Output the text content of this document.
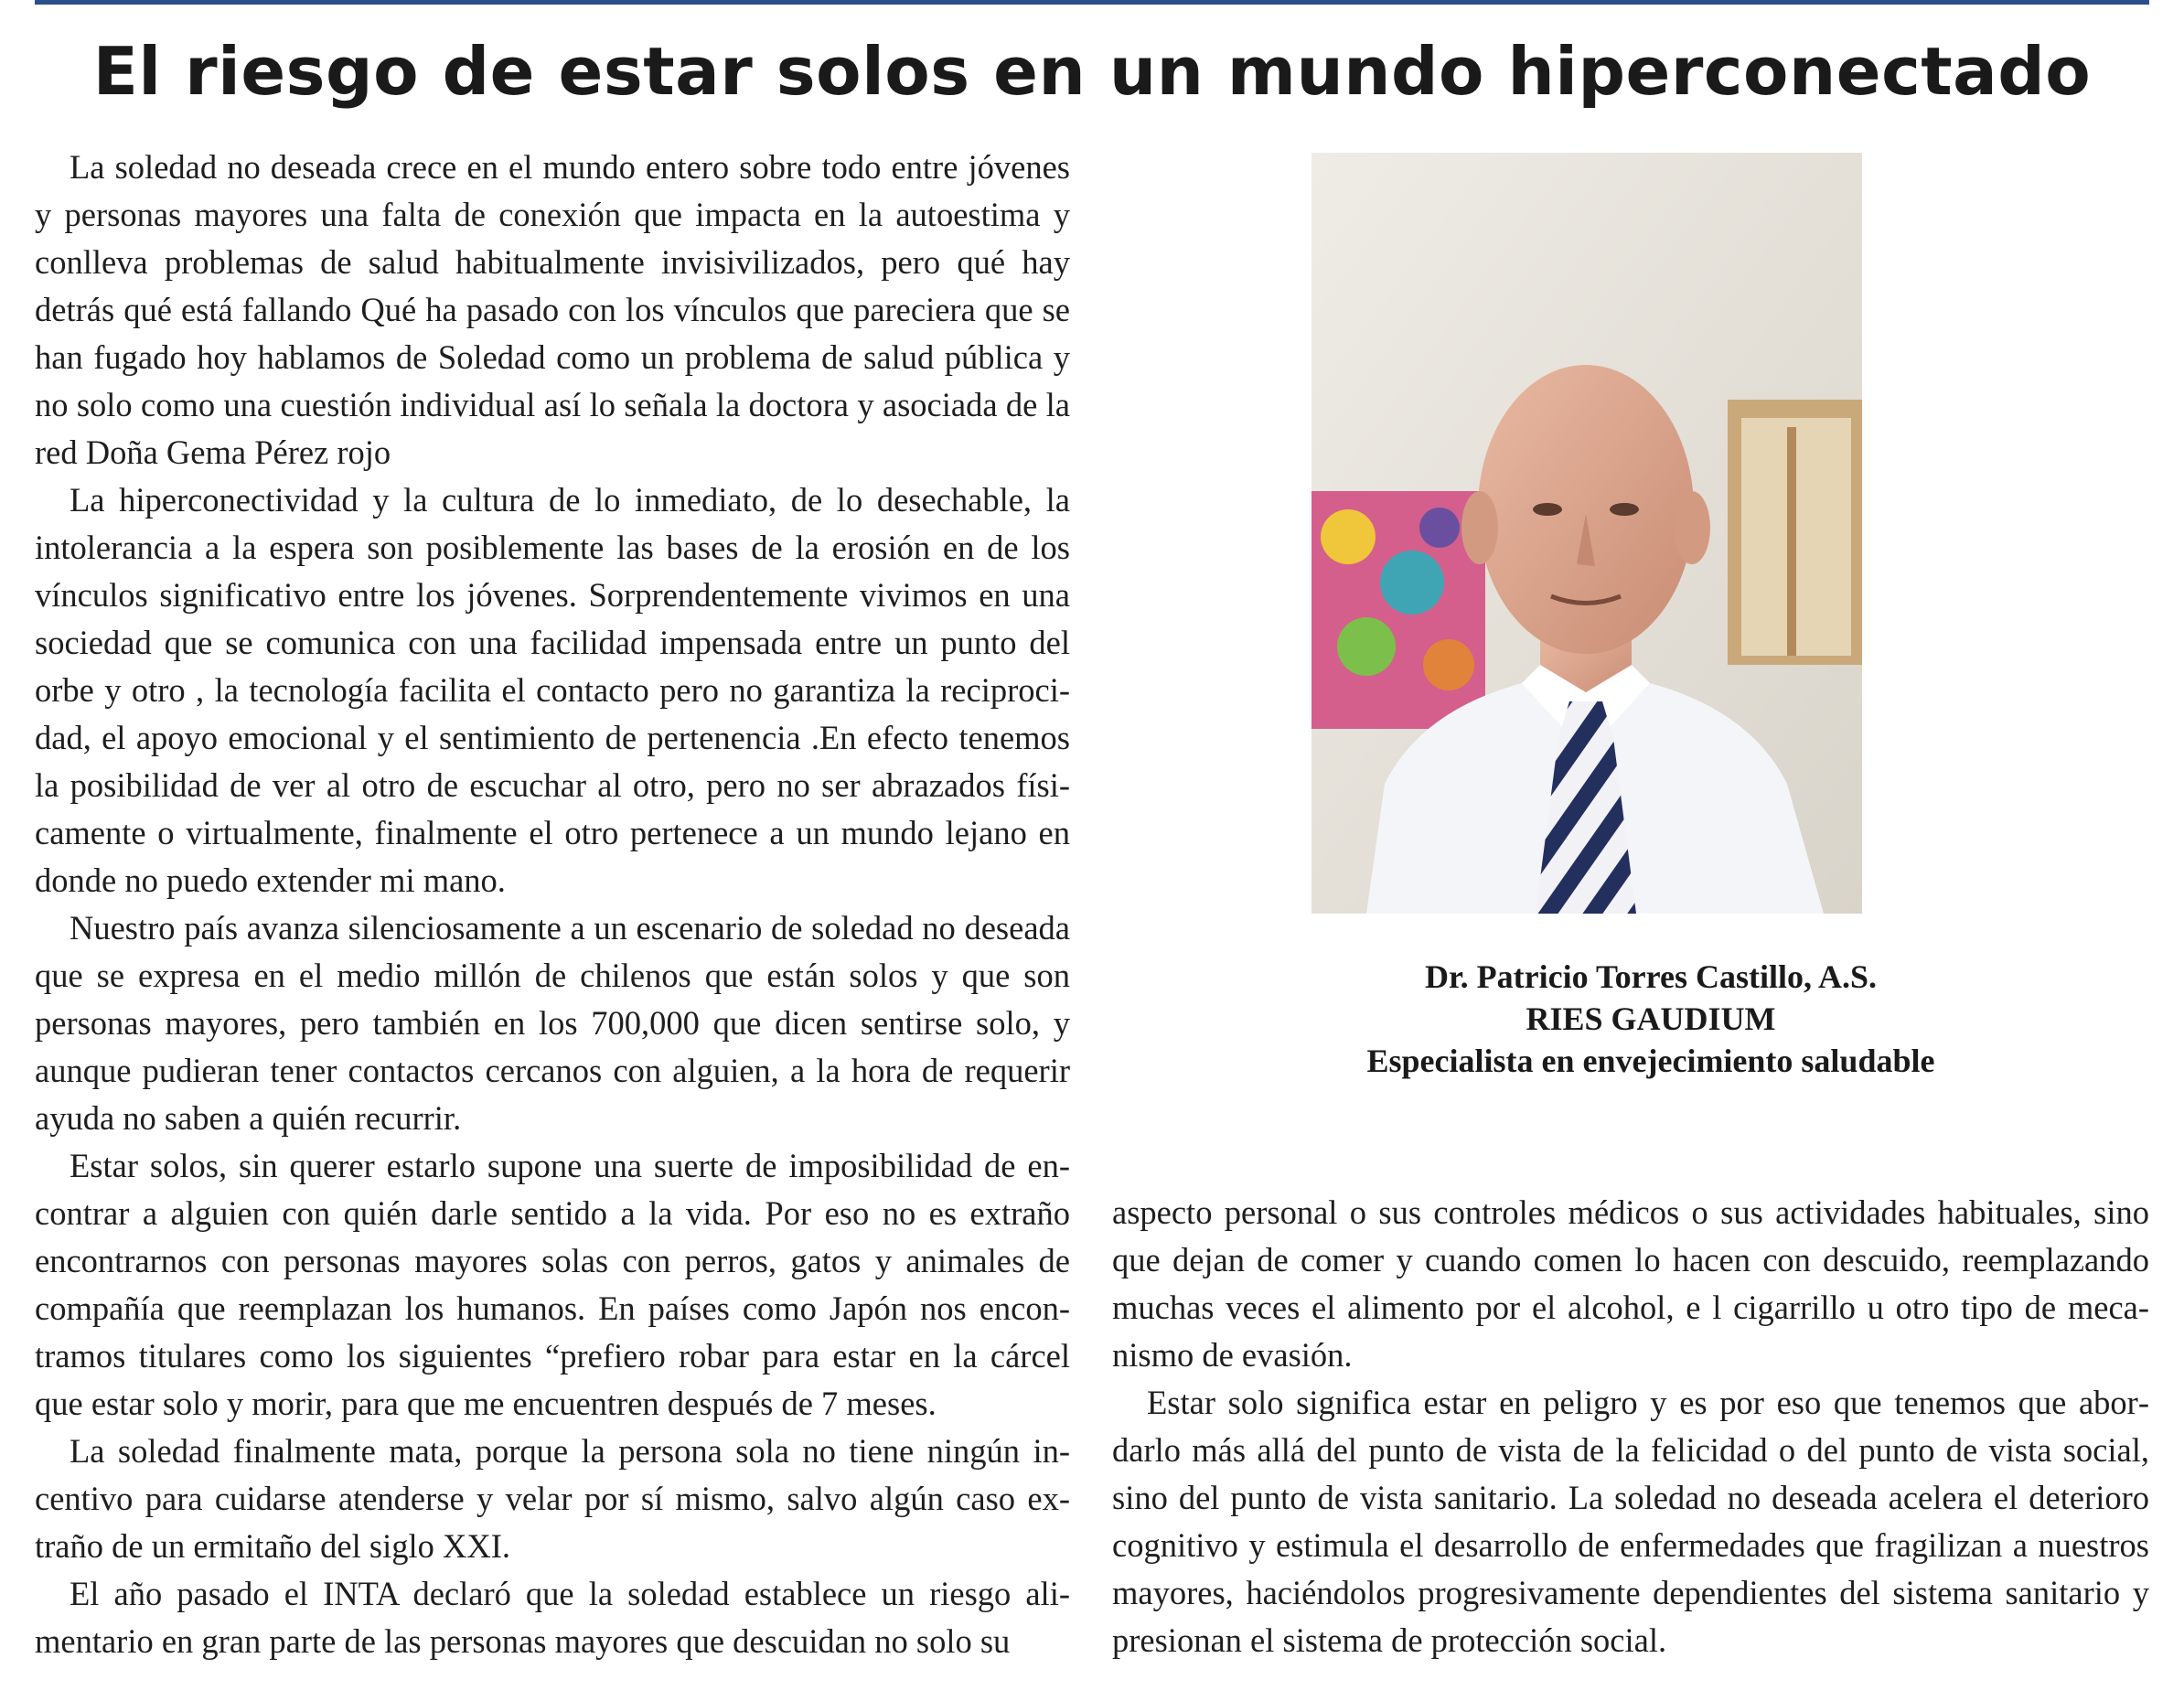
El riesgo de estar solos en un mundo hiperconectado

La soledad no deseada crece en el mundo entero sobre todo entre jóvenes y personas mayores una falta de conexión que impacta en la autoestima y conlleva problemas de salud habitualmente invisivilizados, pero qué hay detrás qué está fallando Qué ha pasado con los vínculos que pareciera que se han fugado hoy hablamos de Soledad como un problema de salud pública y no solo como una cuestión individual así lo señala la doctora y asociada de la red Doña Gema Pérez rojo

La hiperconectividad y la cultura de lo inmediato, de lo desechable, la intolerancia a la espera son posiblemente las bases de la erosión en de los vínculos significativo entre los jóvenes. Sorprendentemente vivimos en una sociedad que se comunica con una facilidad impensada entre un punto del orbe y otro , la tecnología facilita el contacto pero no garantiza la reciprocidad, el apoyo emocional y el sentimiento de pertenencia .En efecto tenemos la posibilidad de ver al otro de escuchar al otro, pero no ser abrazados físicamente o virtualmente, finalmente el otro pertenece a un mundo lejano en donde no puedo extender mi mano.

Nuestro país avanza silenciosamente a un escenario de soledad no deseada que se expresa en el medio millón de chilenos que están solos y que son personas mayores, pero también en los 700,000 que dicen sentirse solo, y aunque pudieran tener contactos cercanos con alguien, a la hora de requerir ayuda no saben a quién recurrir.

Estar solos, sin querer estarlo supone una suerte de imposibilidad de encontrar a alguien con quién darle sentido a la vida. Por eso no es extraño encontrarnos con personas mayores solas con perros, gatos y animales de compañía que reemplazan los humanos. En países como Japón nos encontramos titulares como los siguientes “prefiero robar para estar en la cárcel que estar solo y morir, para que me encuentren después de 7 meses.

La soledad finalmente mata, porque la persona sola no tiene ningún incentivo para cuidarse atenderse y velar por sí mismo, salvo algún caso extraño de un ermitaño del siglo XXI.

El año pasado el INTA declaró que la soledad establece un riesgo alimentario en gran parte de las personas mayores que descuidan no solo su

Dr. Patricio Torres Castillo, A.S.
RIES GAUDIUM
Especialista en envejecimiento saludable

aspecto personal o sus controles médicos o sus actividades habituales, sino que dejan de comer y cuando comen lo hacen con descuido, reemplazando muchas veces el alimento por el alcohol, e l cigarrillo u otro tipo de mecanismo de evasión.

Estar solo significa estar en peligro y es por eso que tenemos que abordarlo más allá del punto de vista de la felicidad o del punto de vista social, sino del punto de vista sanitario. La soledad no deseada acelera el deterioro cognitivo y estimula el desarrollo de enfermedades que fragilizan a nuestros mayores, haciéndolos progresivamente dependientes del sistema sanitario y presionan el sistema de protección social.
